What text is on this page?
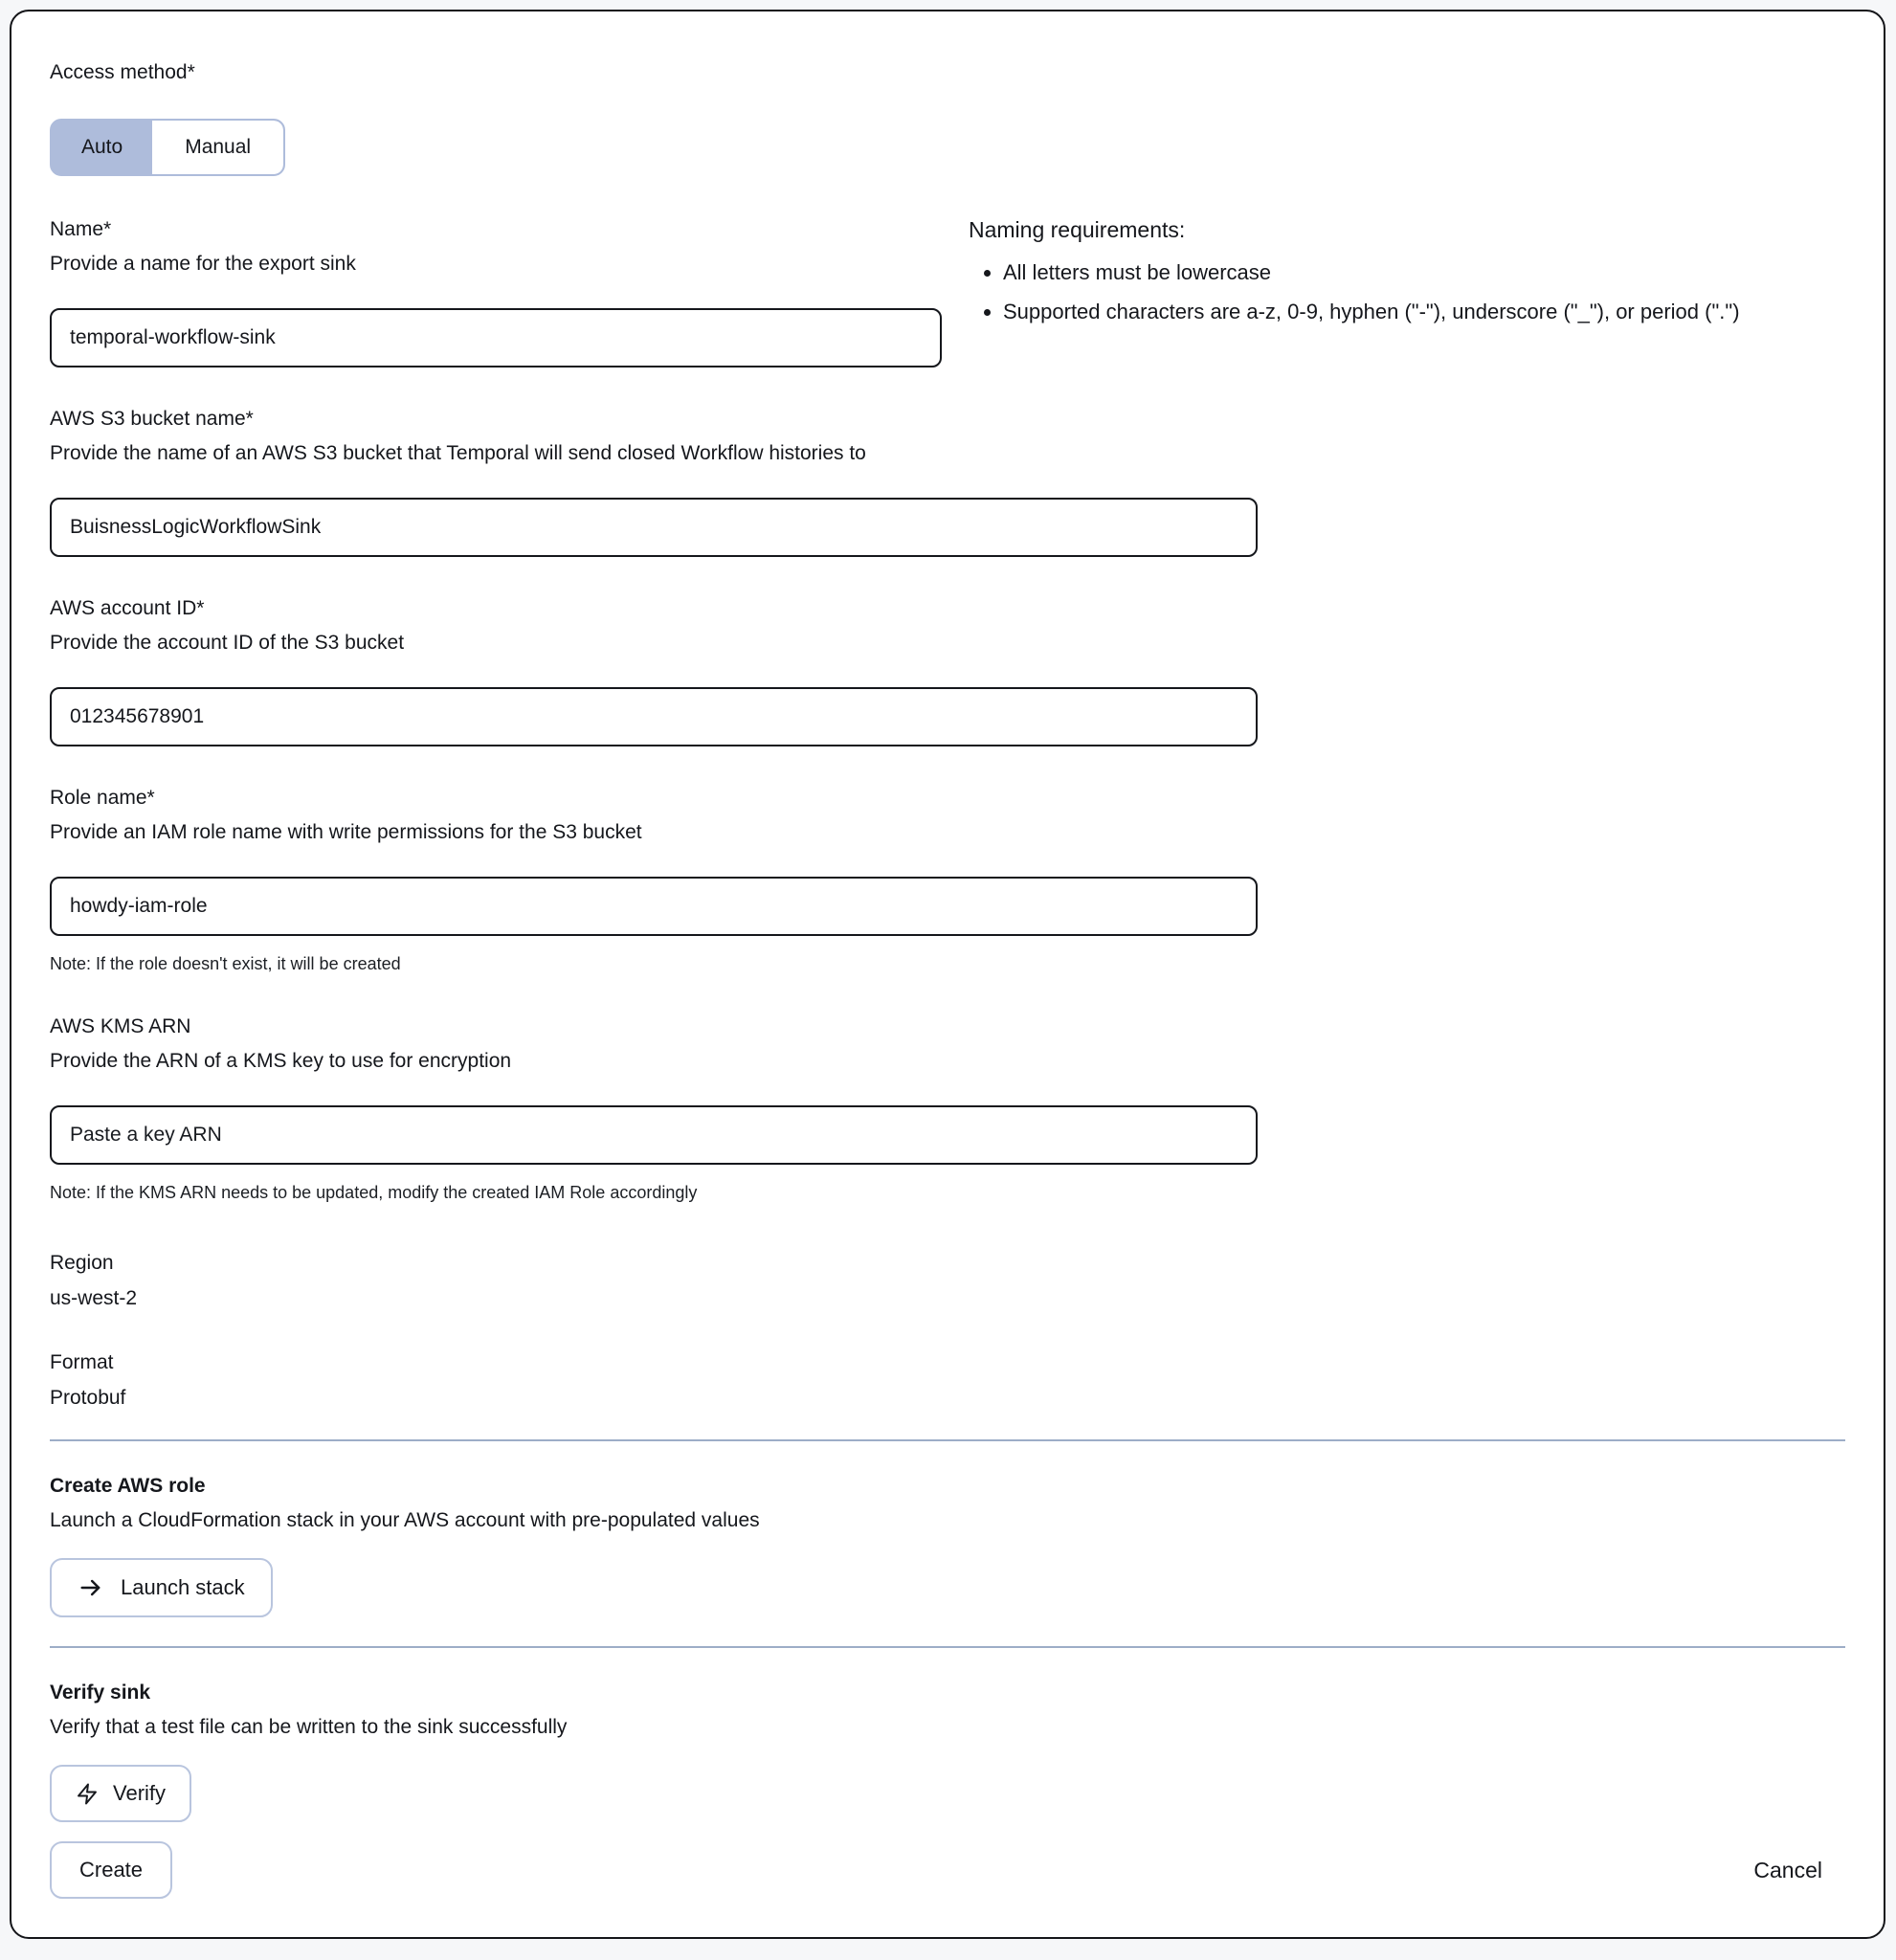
Access method*
Auto	Manual
Name*
Provide a name for the export sink
temporal-workflow-sink
Naming requirements:
• All letters must be lowercase
• Supported characters are a-z, 0-9, hyphen ("-"), underscore ("_"), or period (".")
AWS S3 bucket name*
Provide the name of an AWS S3 bucket that Temporal will send closed Workflow histories to
BuisnessLogicWorkflowSink
AWS account ID*
Provide the account ID of the S3 bucket
012345678901
Role name*
Provide an IAM role name with write permissions for the S3 bucket
howdy-iam-role
Note: If the role doesn't exist, it will be created
AWS KMS ARN
Provide the ARN of a KMS key to use for encryption
Paste a key ARN
Note: If the KMS ARN needs to be updated, modify the created IAM Role accordingly
Region
us-west-2
Format
Protobuf
Create AWS role
Launch a CloudFormation stack in your AWS account with pre-populated values
Launch stack
Verify sink
Verify that a test file can be written to the sink successfully
Verify
Create	Cancel
